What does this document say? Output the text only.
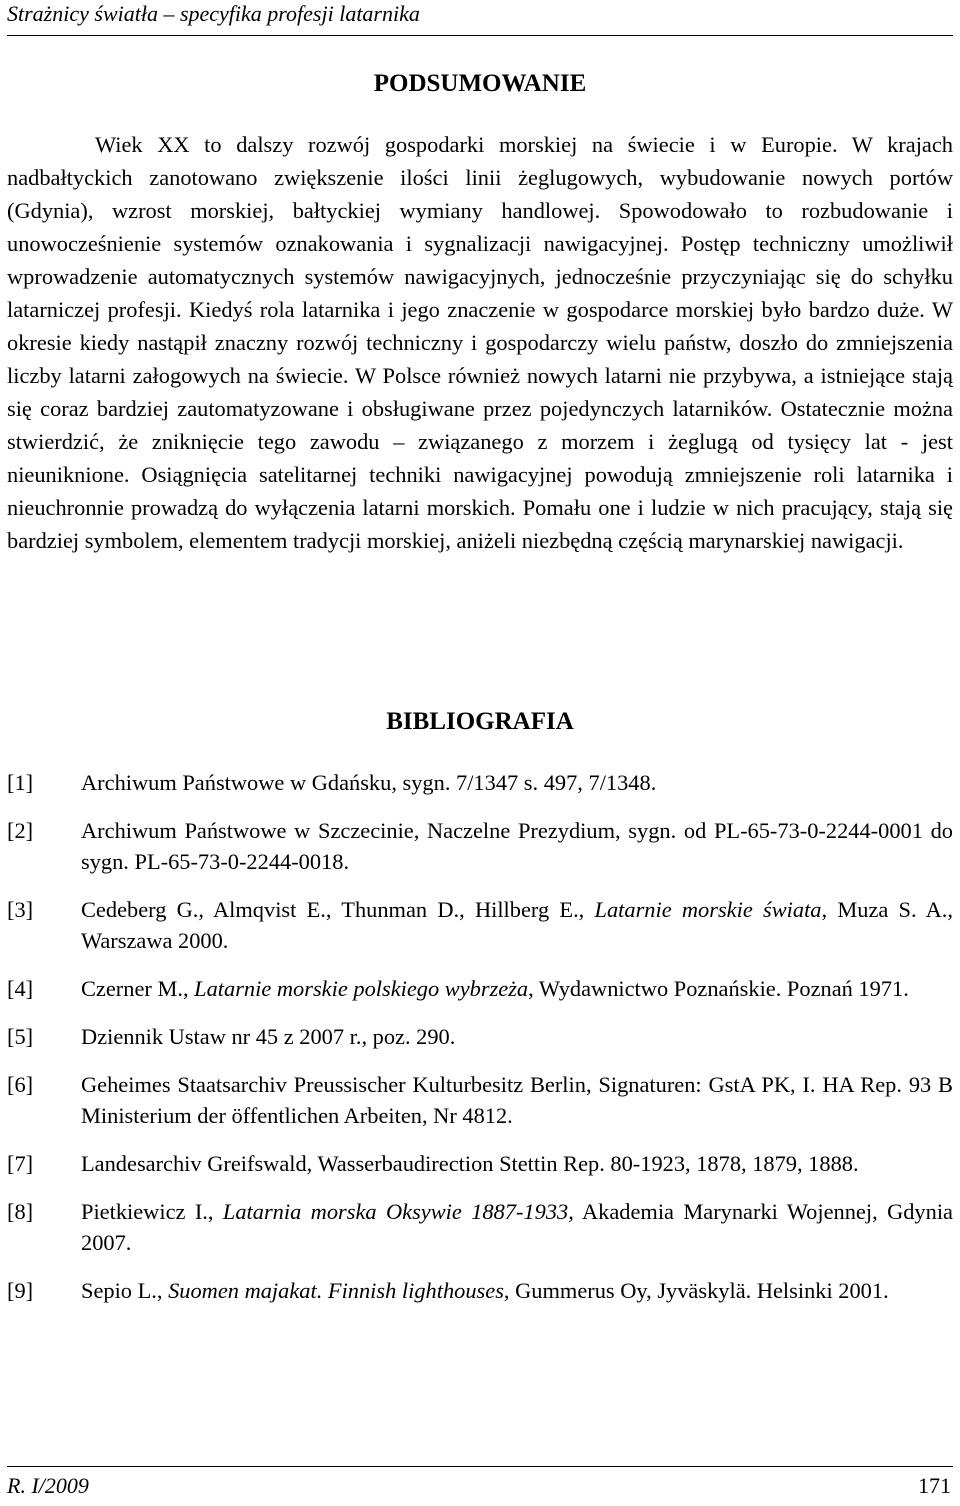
Strażnicy światła – specyfika profesji latarnika
PODSUMOWANIE

Wiek XX to dalszy rozwój gospodarki morskiej na świecie i w Europie. W krajach nadbałtyckich zanotowano zwiększenie ilości linii żeglugowych, wybudowanie nowych portów (Gdynia), wzrost morskiej, bałtyckiej wymiany handlowej. Spowodowało to rozbudowanie i unowocześnienie systemów oznakowania i sygnalizacji nawigacyjnej. Postęp techniczny umożliwił wprowadzenie automatycznych systemów nawigacyjnych, jednocześnie przyczyniając się do schyłku latarniczej profesji. Kiedyś rola latarnika i jego znaczenie w gospodarce morskiej było bardzo duże. W okresie kiedy nastąpił znaczny rozwój techniczny i gospodarczy wielu państw, doszło do zmniejszenia liczby latarni załogowych na świecie. W Polsce również nowych latarni nie przybywa, a istniejące stają się coraz bardziej zautomatyzowane i obsługiwane przez pojedynczych latarników. Ostatecznie można stwierdzić, że zniknięcie tego zawodu – związanego z morzem i żeglugą od tysięcy lat - jest nieuniknione. Osiągnięcia satelitarnej techniki nawigacyjnej powodują zmniejszenie roli latarnika i nieuchronnie prowadzą do wyłączenia latarni morskich. Pomału one i ludzie w nich pracujący, stają się bardziej symbolem, elementem tradycji morskiej, aniżeli niezbędną częścią marynarskiej nawigacji.

BIBLIOGRAFIA
[1]	Archiwum Państwowe w Gdańsku, sygn. 7/1347 s. 497, 7/1348.
[2]	Archiwum Państwowe w Szczecinie, Naczelne Prezydium, sygn. od PL-65-73-0-2244-0001 do sygn. PL-65-73-0-2244-0018.
[3]	Cedeberg G., Almqvist E., Thunman D., Hillberg E., Latarnie morskie świata, Muza S. A., Warszawa 2000.
[4]	Czerner M., Latarnie morskie polskiego wybrzeża, Wydawnictwo Poznańskie. Poznań 1971.
[5]	Dziennik Ustaw nr 45 z 2007 r., poz. 290.
[6]	Geheimes Staatsarchiv Preussischer Kulturbesitz Berlin, Signaturen: GstA PK, I. HA Rep. 93 B Ministerium der öffentlichen Arbeiten, Nr 4812.
[7]	Landesarchiv Greifswald, Wasserbaudirection Stettin Rep. 80-1923, 1878, 1879, 1888.
[8]	Pietkiewicz I., Latarnia morska Oksywie 1887-1933, Akademia Marynarki Wojennej, Gdynia 2007.
[9]	Sepio L., Suomen majakat. Finnish lighthouses, Gummerus Oy, Jyväskylä. Helsinki 2001.
R. I/2009	171
